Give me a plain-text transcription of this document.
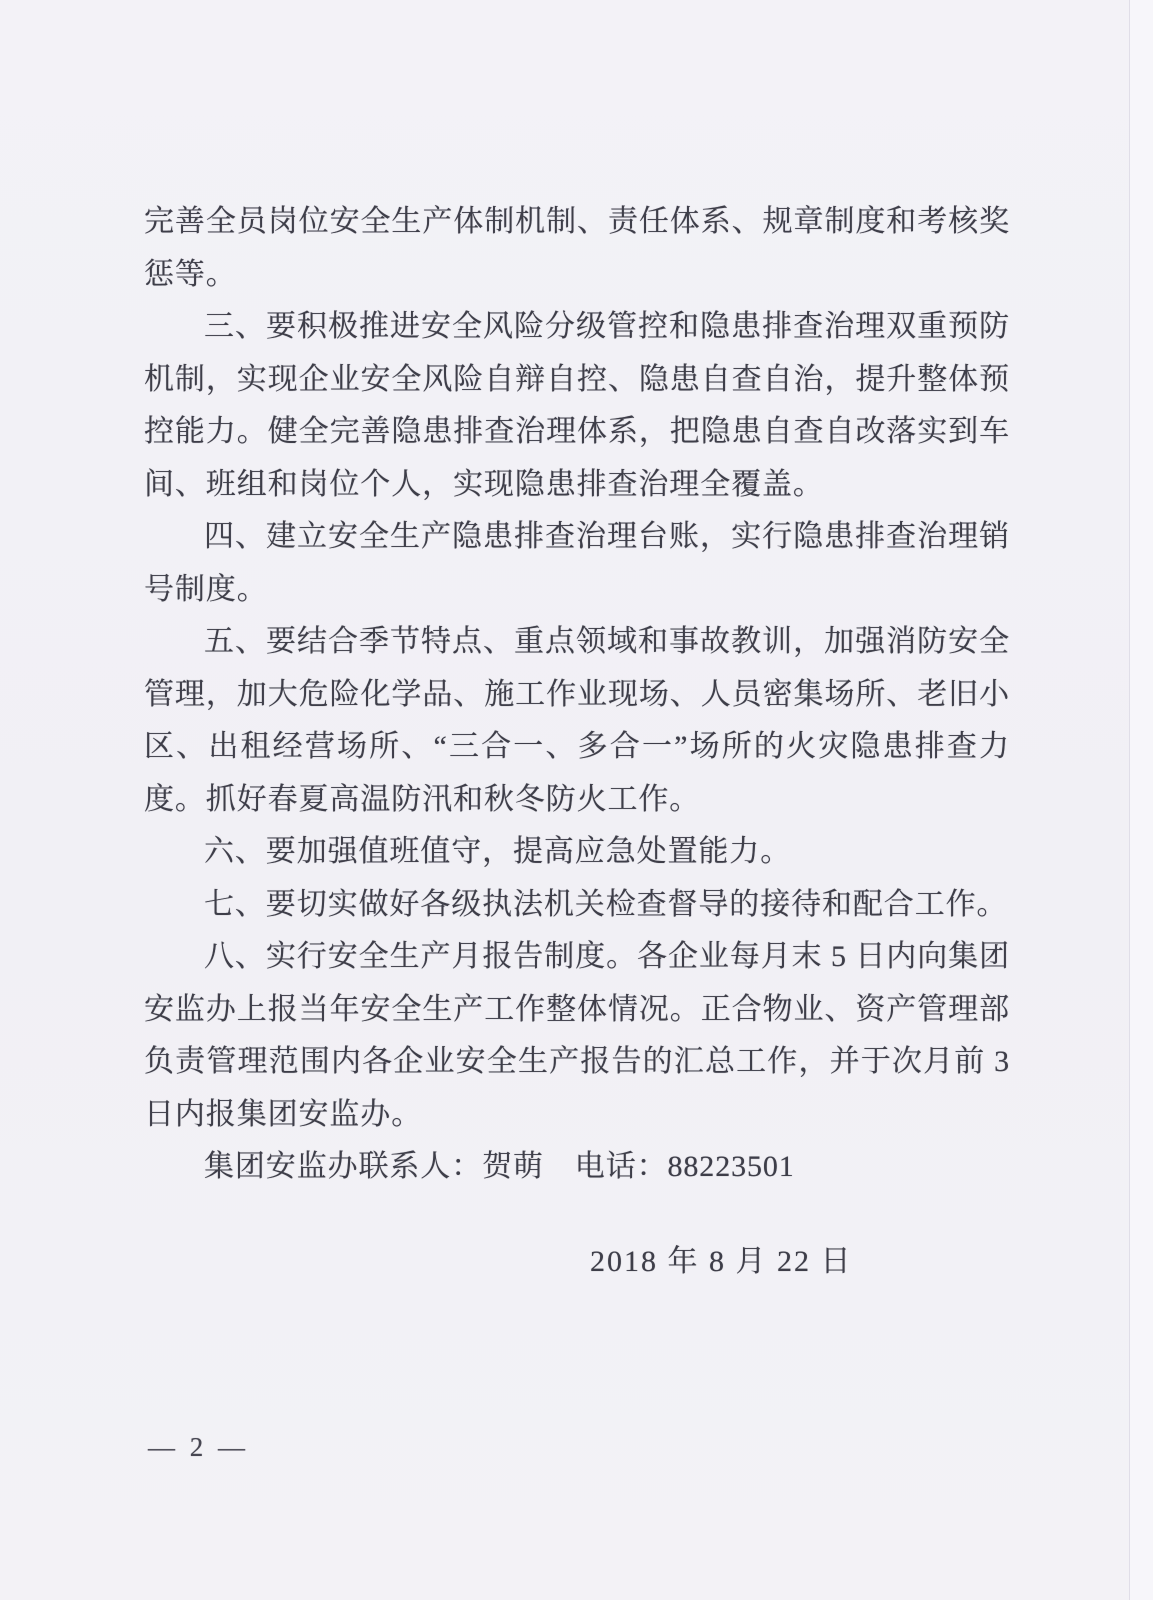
完善全员岗位安全生产体制机制、责任体系、规章制度和考核奖惩等。

三、要积极推进安全风险分级管控和隐患排查治理双重预防机制，实现企业安全风险自辩自控、隐患自查自治，提升整体预控能力。健全完善隐患排查治理体系，把隐患自查自改落实到车间、班组和岗位个人，实现隐患排查治理全覆盖。

四、建立安全生产隐患排查治理台账，实行隐患排查治理销号制度。

五、要结合季节特点、重点领域和事故教训，加强消防安全管理，加大危险化学品、施工作业现场、人员密集场所、老旧小区、出租经营场所、“三合一、多合一”场所的火灾隐患排查力度。抓好春夏高温防汛和秋冬防火工作。

六、要加强值班值守，提高应急处置能力。

七、要切实做好各级执法机关检查督导的接待和配合工作。

八、实行安全生产月报告制度。各企业每月末 5 日内向集团安监办上报当年安全生产工作整体情况。正合物业、资产管理部负责管理范围内各企业安全生产报告的汇总工作，并于次月前 3 日内报集团安监办。

集团安监办联系人：贺萌　电话：88223501

2018 年 8 月 22 日
— 2 —
